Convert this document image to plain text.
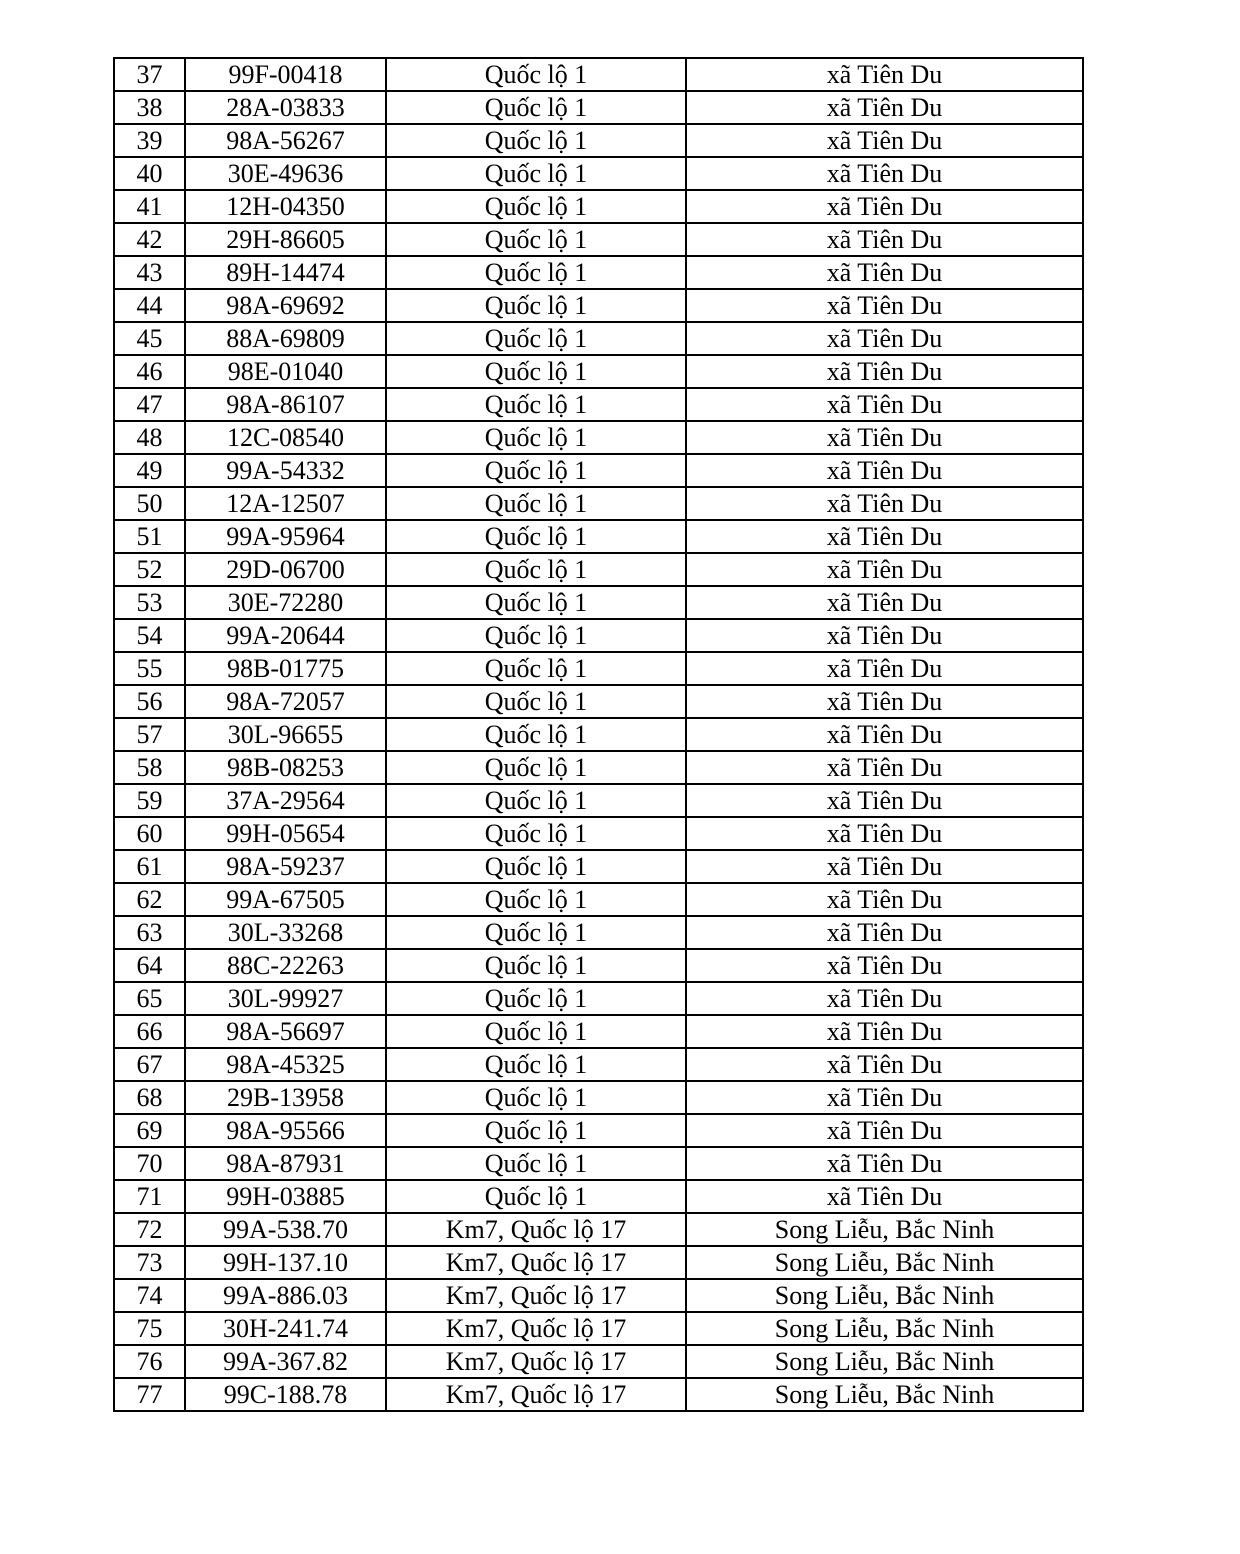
37	99F-00418	Quốc lộ 1	xã Tiên Du
38	28A-03833	Quốc lộ 1	xã Tiên Du
39	98A-56267	Quốc lộ 1	xã Tiên Du
40	30E-49636	Quốc lộ 1	xã Tiên Du
41	12H-04350	Quốc lộ 1	xã Tiên Du
42	29H-86605	Quốc lộ 1	xã Tiên Du
43	89H-14474	Quốc lộ 1	xã Tiên Du
44	98A-69692	Quốc lộ 1	xã Tiên Du
45	88A-69809	Quốc lộ 1	xã Tiên Du
46	98E-01040	Quốc lộ 1	xã Tiên Du
47	98A-86107	Quốc lộ 1	xã Tiên Du
48	12C-08540	Quốc lộ 1	xã Tiên Du
49	99A-54332	Quốc lộ 1	xã Tiên Du
50	12A-12507	Quốc lộ 1	xã Tiên Du
51	99A-95964	Quốc lộ 1	xã Tiên Du
52	29D-06700	Quốc lộ 1	xã Tiên Du
53	30E-72280	Quốc lộ 1	xã Tiên Du
54	99A-20644	Quốc lộ 1	xã Tiên Du
55	98B-01775	Quốc lộ 1	xã Tiên Du
56	98A-72057	Quốc lộ 1	xã Tiên Du
57	30L-96655	Quốc lộ 1	xã Tiên Du
58	98B-08253	Quốc lộ 1	xã Tiên Du
59	37A-29564	Quốc lộ 1	xã Tiên Du
60	99H-05654	Quốc lộ 1	xã Tiên Du
61	98A-59237	Quốc lộ 1	xã Tiên Du
62	99A-67505	Quốc lộ 1	xã Tiên Du
63	30L-33268	Quốc lộ 1	xã Tiên Du
64	88C-22263	Quốc lộ 1	xã Tiên Du
65	30L-99927	Quốc lộ 1	xã Tiên Du
66	98A-56697	Quốc lộ 1	xã Tiên Du
67	98A-45325	Quốc lộ 1	xã Tiên Du
68	29B-13958	Quốc lộ 1	xã Tiên Du
69	98A-95566	Quốc lộ 1	xã Tiên Du
70	98A-87931	Quốc lộ 1	xã Tiên Du
71	99H-03885	Quốc lộ 1	xã Tiên Du
72	99A-538.70	Km7, Quốc lộ 17	Song Liễu, Bắc Ninh
73	99H-137.10	Km7, Quốc lộ 17	Song Liễu, Bắc Ninh
74	99A-886.03	Km7, Quốc lộ 17	Song Liễu, Bắc Ninh
75	30H-241.74	Km7, Quốc lộ 17	Song Liễu, Bắc Ninh
76	99A-367.82	Km7, Quốc lộ 17	Song Liễu, Bắc Ninh
77	99C-188.78	Km7, Quốc lộ 17	Song Liễu, Bắc Ninh
